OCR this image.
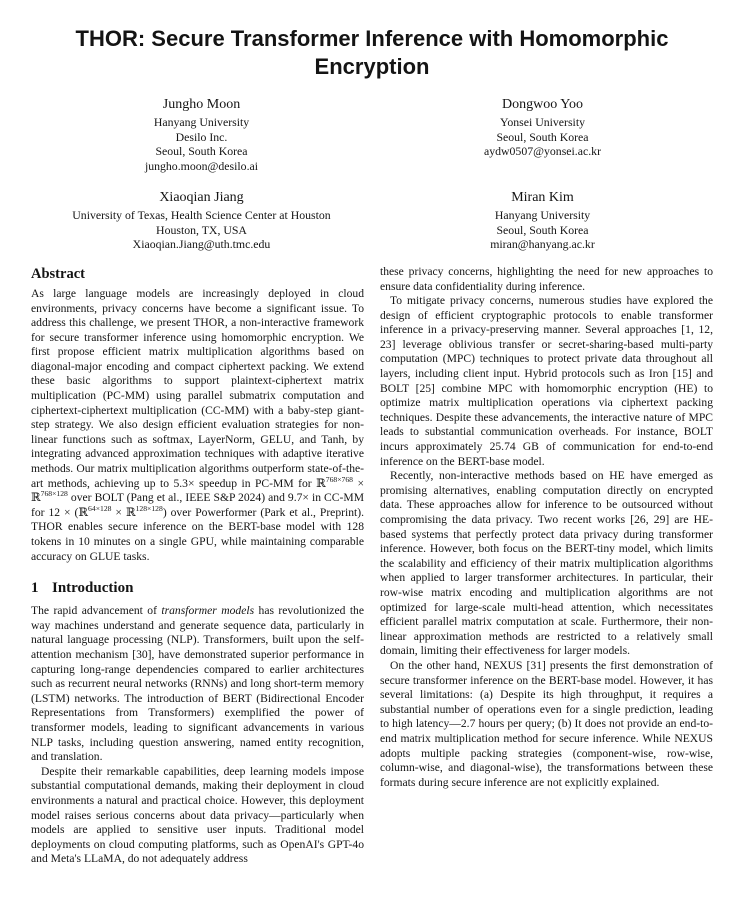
THOR: Secure Transformer Inference with Homomorphic Encryption
Jungho Moon
Hanyang University
Desilo Inc.
Seoul, South Korea
jungho.moon@desilo.ai
Dongwoo Yoo
Yonsei University
Seoul, South Korea
aydw0507@yonsei.ac.kr
Xiaoqian Jiang
University of Texas, Health Science Center at Houston
Houston, TX, USA
Xiaoqian.Jiang@uth.tmc.edu
Miran Kim
Hanyang University
Seoul, South Korea
miran@hanyang.ac.kr
Abstract

As large language models are increasingly deployed in cloud environments, privacy concerns have become a significant issue. To address this challenge, we present THOR, a non-interactive framework for secure transformer inference using homomorphic encryption. We first propose efficient matrix multiplication algorithms based on diagonal-major encoding and compact ciphertext packing. We extend these basic algorithms to support plaintext-ciphertext matrix multiplication (PC-MM) using parallel submatrix computation and ciphertext-ciphertext multiplication (CC-MM) with a baby-step giant-step strategy. We also design efficient evaluation strategies for non-linear functions such as softmax, LayerNorm, GELU, and Tanh, by integrating advanced approximation techniques with adaptive iterative methods. Our matrix multiplication algorithms outperform state-of-the-art methods, achieving up to 5.3× speedup in PC-MM for ℝ$^{768\times 768}$ × ℝ$^{768\times 128}$ over BOLT (Pang et al., IEEE S&P 2024) and 9.7× in CC-MM for 12 × (ℝ$^{64\times 128}$ × ℝ$^{128\times 128}$) over Powerformer (Park et al., Preprint). THOR enables secure inference on the BERT-base model with 128 tokens in 10 minutes on a single GPU, while maintaining comparable accuracy on GLUE tasks.

1 Introduction

The rapid advancement of transformer models has revolutionized the way machines understand and generate sequence data, particularly in natural language processing (NLP). Transformers, built upon the self-attention mechanism [30], have demonstrated superior performance in capturing long-range dependencies compared to earlier architectures such as recurrent neural networks (RNNs) and long short-term memory (LSTM) networks. The introduction of BERT (Bidirectional Encoder Representations from Transformers) exemplified the power of transformer models, leading to significant advancements in various NLP tasks, including question answering, named entity recognition, and translation.

Despite their remarkable capabilities, deep learning models impose substantial computational demands, making their deployment in cloud environments a natural and practical choice. However, this deployment model raises serious concerns about data privacy—particularly when models are applied to sensitive user inputs. Traditional model deployments on cloud computing platforms, such as OpenAI's GPT-4o and Meta's LLaMA, do not adequately address

these privacy concerns, highlighting the need for new approaches to ensure data confidentiality during inference.

To mitigate privacy concerns, numerous studies have explored the design of efficient cryptographic protocols to enable transformer inference in a privacy-preserving manner. Several approaches [1, 12, 23] leverage oblivious transfer or secret-sharing-based multi-party computation (MPC) techniques to protect private data throughout all layers, including client input. Hybrid protocols such as Iron [15] and BOLT [25] combine MPC with homomorphic encryption (HE) to optimize matrix multiplication operations via ciphertext packing techniques. Despite these advancements, the interactive nature of MPC leads to substantial communication overheads. For instance, BOLT incurs approximately 25.74 GB of communication for end-to-end inference on the BERT-base model.

Recently, non-interactive methods based on HE have emerged as promising alternatives, enabling computation directly on encrypted data. These approaches allow for inference to be outsourced without compromising the data privacy. Two recent works [26, 29] are HE-based systems that perfectly protect data privacy during transformer inference. However, both focus on the BERT-tiny model, which limits the scalability and efficiency of their matrix multiplication algorithms when applied to larger transformer architectures. In particular, their row-wise matrix encoding and multiplication algorithms are not optimized for large-scale multi-head attention, which necessitates efficient parallel matrix computation at scale. Furthermore, their non-linear approximation methods are restricted to a relatively small domain, limiting their effectiveness for larger models.

On the other hand, NEXUS [31] presents the first demonstration of secure transformer inference on the BERT-base model. However, it has several limitations: (a) Despite its high throughput, it requires a substantial number of operations even for a single prediction, leading to high latency—2.7 hours per query; (b) It does not provide an end-to-end matrix multiplication method for secure inference. While NEXUS adopts multiple packing strategies (component-wise, row-wise, column-wise, and diagonal-wise), the transformations between these formats during secure inference are not explicitly explained.
